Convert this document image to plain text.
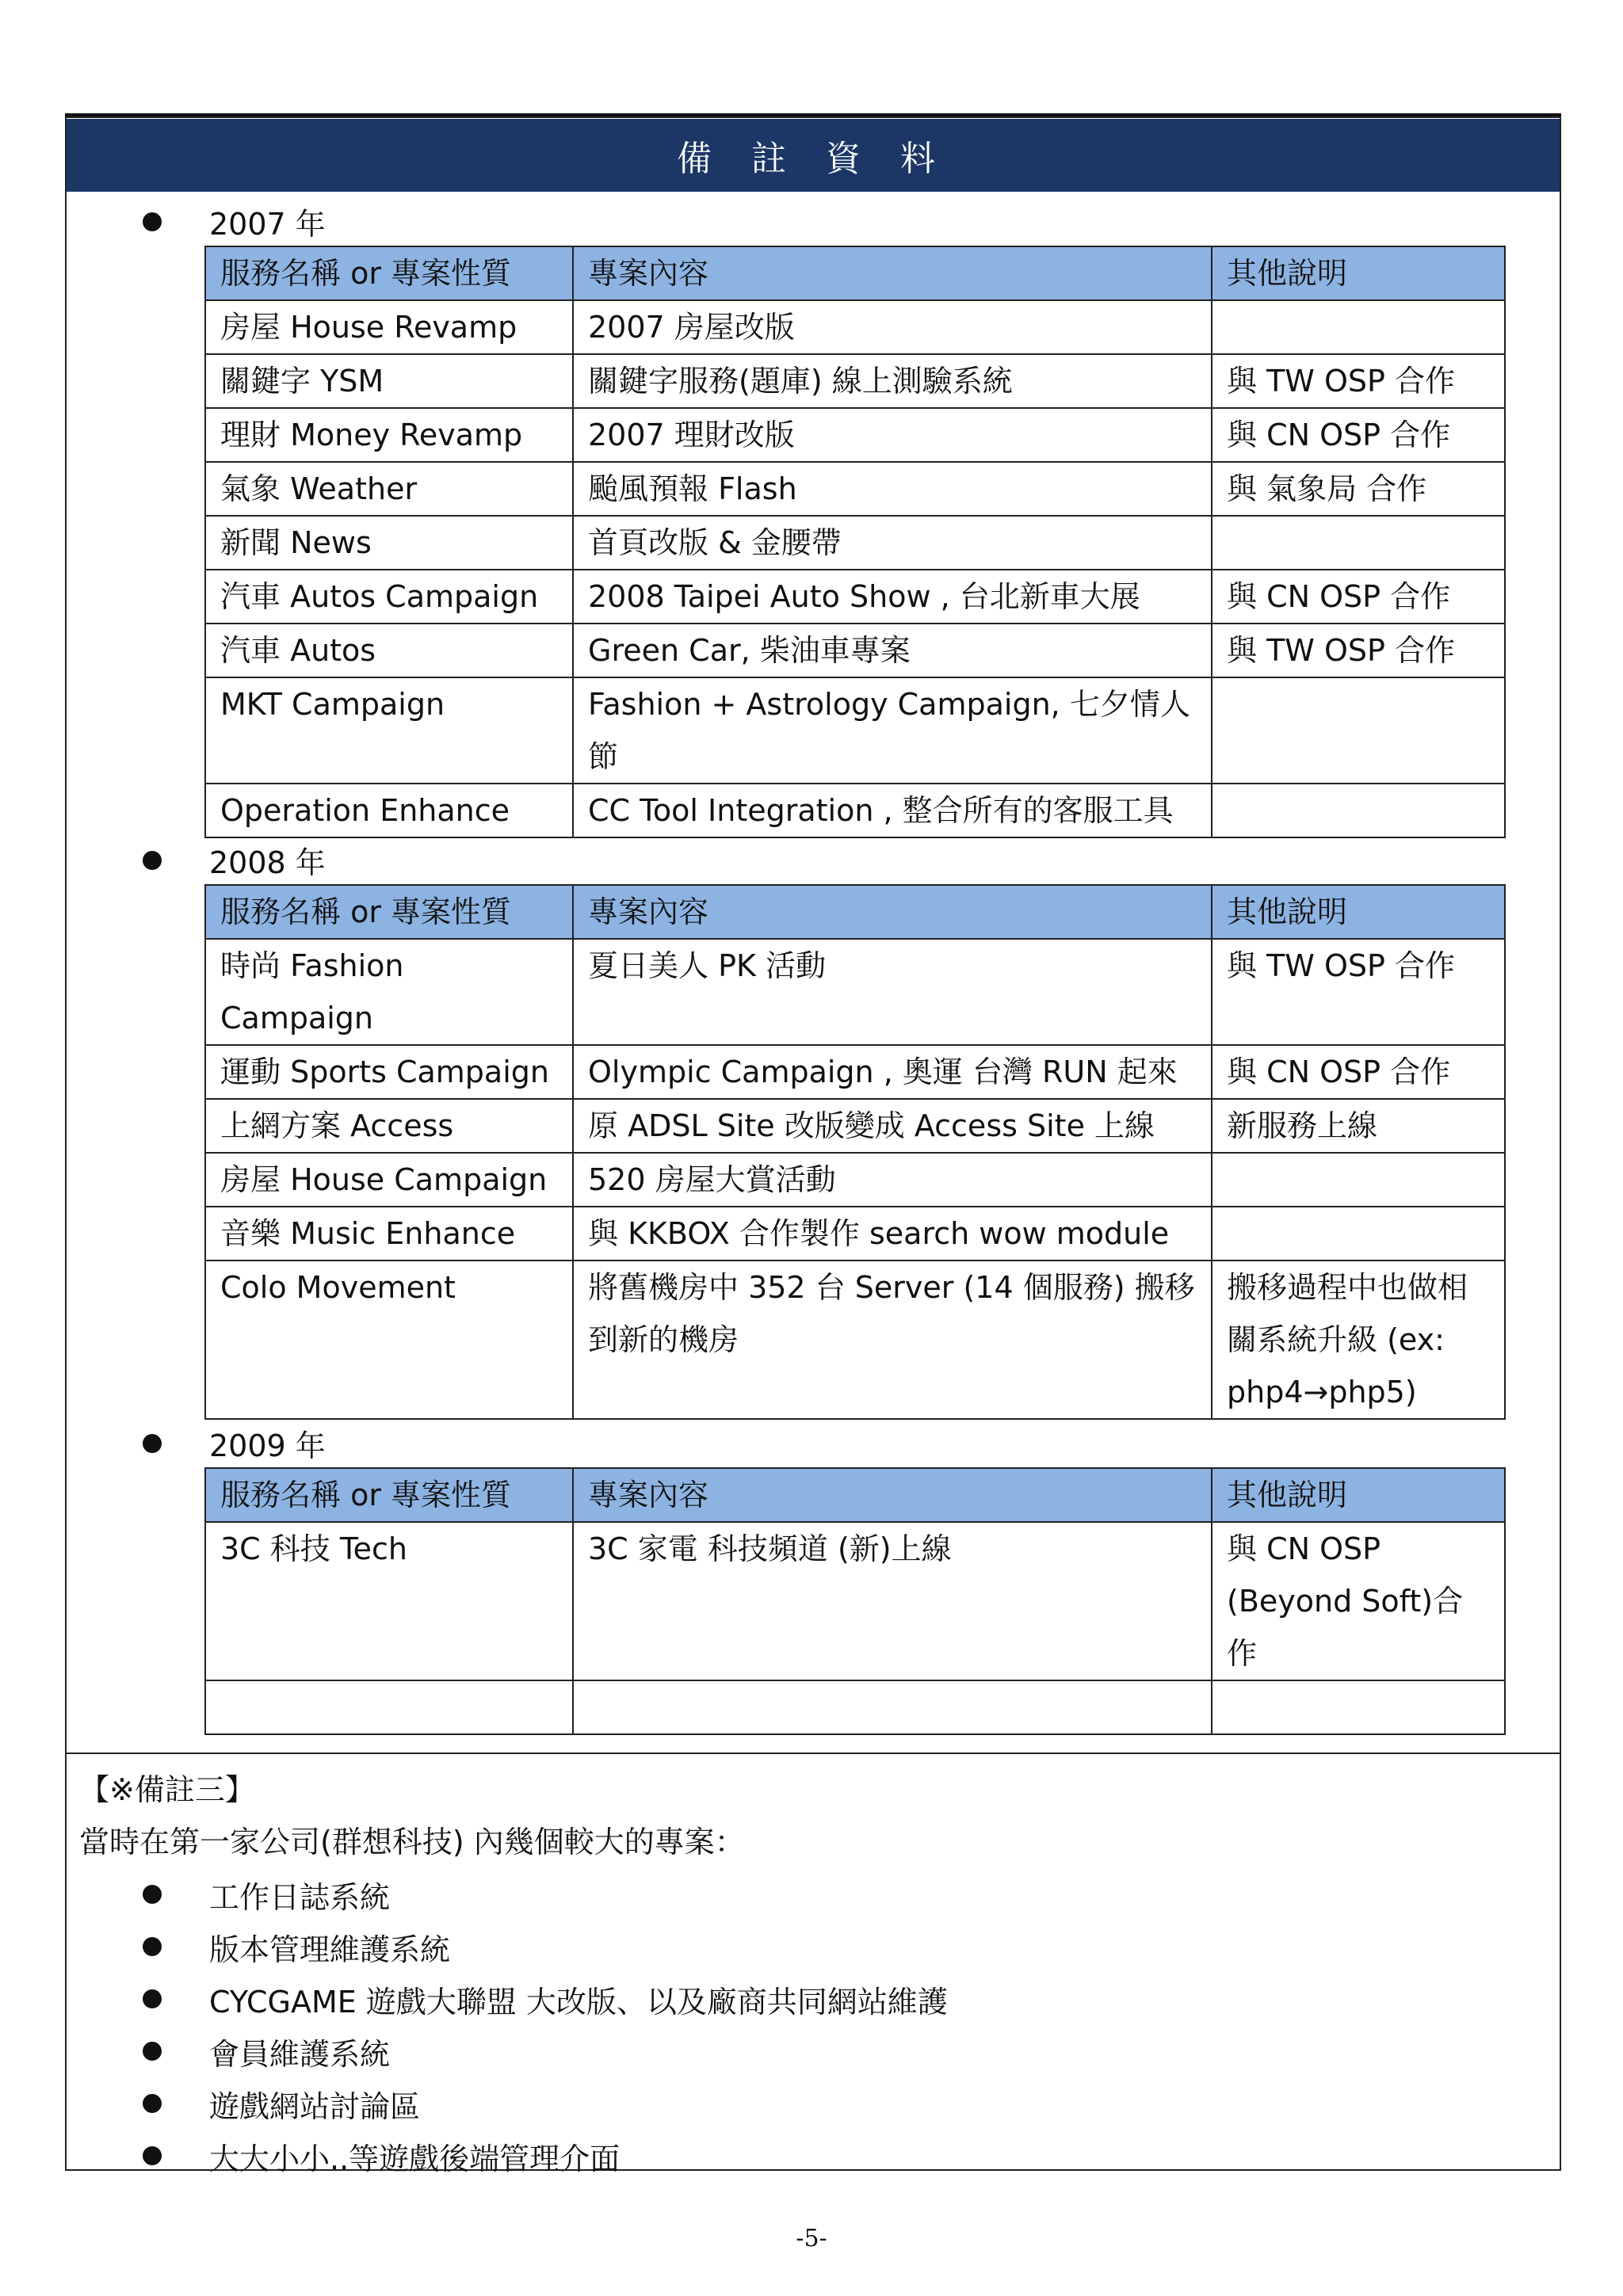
備 註 資 料
2007 年
服務名稱 or 專案性質	專案內容	其他說明
房屋 House Revamp	2007 房屋改版	
關鍵字 YSM	關鍵字服務(題庫) 線上測驗系統	與 TW OSP 合作
理財 Money Revamp	2007 理財改版	與 CN OSP 合作
氣象 Weather	颱風預報 Flash	與 氣象局 合作
新聞 News	首頁改版 & 金腰帶	
汽車 Autos Campaign	2008 Taipei Auto Show , 台北新車大展	與 CN OSP 合作
汽車 Autos	Green Car, 柴油車專案	與 TW OSP 合作
MKT Campaign	Fashion + Astrology Campaign, 七夕情人節	
Operation Enhance	CC Tool Integration , 整合所有的客服工具	
2008 年
服務名稱 or 專案性質	專案內容	其他說明
時尚 Fashion Campaign	夏日美人 PK 活動	與 TW OSP 合作
運動 Sports Campaign	Olympic Campaign , 奧運 台灣 RUN 起來	與 CN OSP 合作
上網方案 Access	原 ADSL Site 改版變成 Access Site 上線	新服務上線
房屋 House Campaign	520 房屋大賞活動	
音樂 Music Enhance	與 KKBOX 合作製作 search wow module	
Colo Movement	將舊機房中 352 台 Server (14 個服務) 搬移到新的機房	搬移過程中也做相關系統升級 (ex: php4→php5)
2009 年
服務名稱 or 專案性質	專案內容	其他說明
3C 科技 Tech	3C 家電 科技頻道 (新)上線	與 CN OSP (Beyond Soft)合作

【※備註三】
當時在第一家公司(群想科技) 內幾個較大的專案：
工作日誌系統
版本管理維護系統
CYCGAME 遊戲大聯盟 大改版、以及廠商共同網站維護
會員維護系統
遊戲網站討論區
大大小小..等遊戲後端管理介面
-5-
